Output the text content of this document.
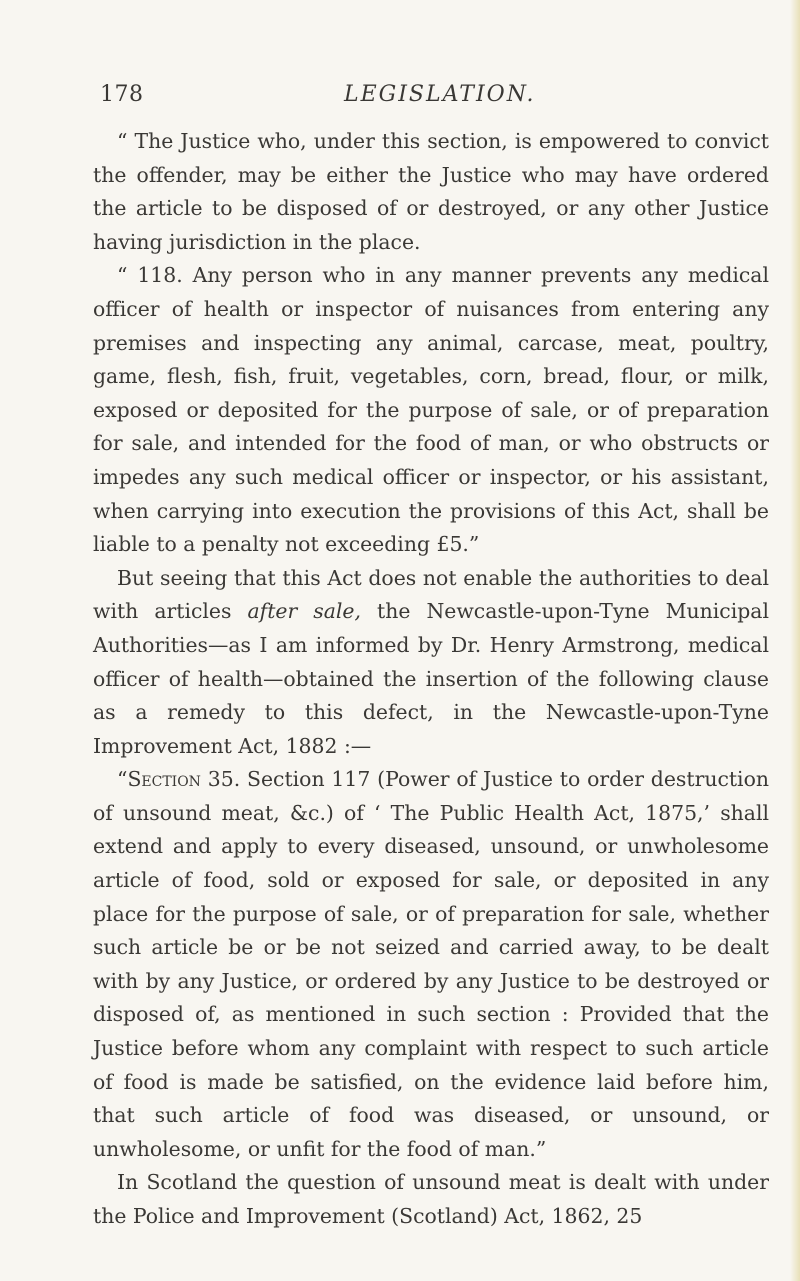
178	LEGISLATION.

“ The Justice who, under this section, is empowered to convict the offender, may be either the Justice who may have ordered the article to be disposed of or destroyed, or any other Justice having jurisdiction in the place.

“ 118. Any person who in any manner prevents any medical officer of health or inspector of nuisances from entering any premises and inspecting any animal, carcase, meat, poultry, game, flesh, fish, fruit, vegetables, corn, bread, flour, or milk, exposed or deposited for the purpose of sale, or of preparation for sale, and intended for the food of man, or who obstructs or impedes any such medical officer or inspector, or his assistant, when carrying into execution the provisions of this Act, shall be liable to a penalty not exceeding £5.”

But seeing that this Act does not enable the authorities to deal with articles after sale, the Newcastle-upon-Tyne Municipal Authorities—as I am informed by Dr. Henry Armstrong, medical officer of health—obtained the insertion of the following clause as a remedy to this defect, in the Newcastle-upon-Tyne Improvement Act, 1882 :—

“Section 35. Section 117 (Power of Justice to order destruction of unsound meat, &c.) of ‘ The Public Health Act, 1875,’ shall extend and apply to every diseased, unsound, or unwholesome article of food, sold or exposed for sale, or deposited in any place for the purpose of sale, or of preparation for sale, whether such article be or be not seized and carried away, to be dealt with by any Justice, or ordered by any Justice to be destroyed or disposed of, as mentioned in such section : Provided that the Justice before whom any complaint with respect to such article of food is made be satisfied, on the evidence laid before him, that such article of food was diseased, or unsound, or unwholesome, or unfit for the food of man.”

In Scotland the question of unsound meat is dealt with under the Police and Improvement (Scotland) Act, 1862, 25
